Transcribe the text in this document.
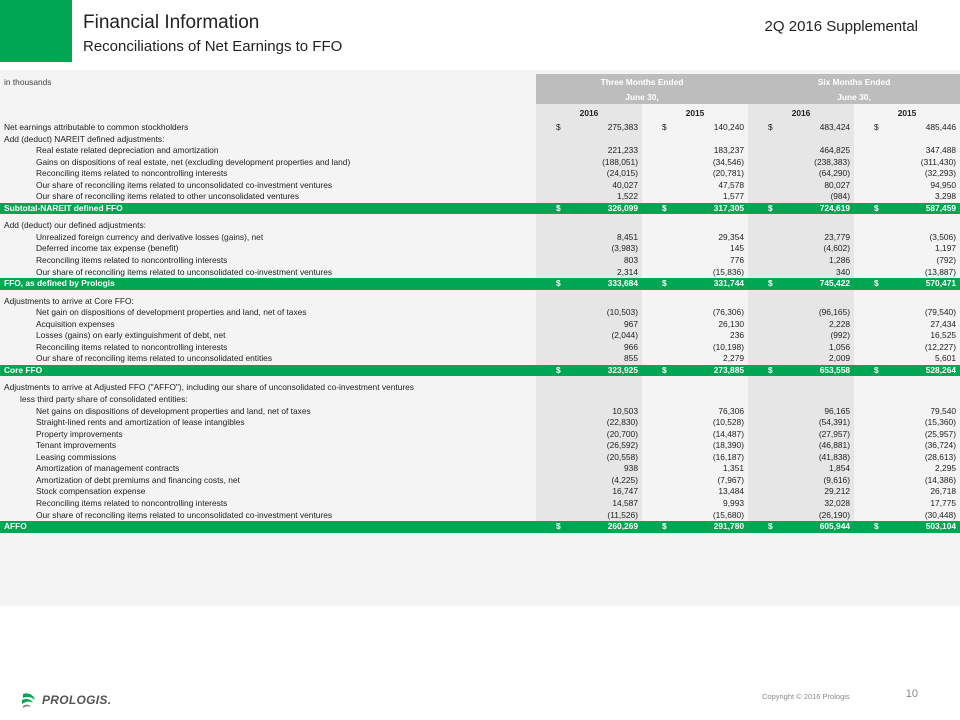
Financial Information
Reconciliations of Net Earnings to FFO
2Q 2016 Supplemental
in thousands	Three Months Ended		Six Months Ended	
	June 30,		June 30,	
	2016	2015	2016	2015
Net earnings attributable to common stockholders	$ 275,383	$ 140,240	$ 483,424	$ 485,446
Add (deduct) NAREIT defined adjustments:				
Real estate related depreciation and amortization	221,233	183,237	464,825	347,488
Gains on dispositions of real estate, net (excluding development properties and land)	(188,051)	(34,546)	(238,383)	(311,430)
Reconciling items related to noncontrolling interests	(24,015)	(20,781)	(64,290)	(32,293)
Our share of reconciling items related to unconsolidated co-investment ventures	40,027	47,578	80,027	94,950
Our share of reconciling items related to other unconsolidated ventures	1,522	1,577	(984)	3,298
Subtotal-NAREIT defined FFO	$ 326,099	$ 317,305	$ 724,619	$ 587,459

Add (deduct) our defined adjustments:				
Unrealized foreign currency and derivative losses (gains), net	8,451	29,354	23,779	(3,506)
Deferred income tax expense (benefit)	(3,983)	145	(4,602)	1,197
Reconciling items related to noncontrolling interests	803	776	1,286	(792)
Our share of reconciling items related to unconsolidated co-investment ventures	2,314	(15,836)	340	(13,887)
FFO, as defined by Prologis	$ 333,684	$ 331,744	$ 745,422	$ 570,471

Adjustments to arrive at Core FFO:				
Net gain on dispositions of development properties and land, net of taxes	(10,503)	(76,306)	(96,165)	(79,540)
Acquisition expenses	967	26,130	2,228	27,434
Losses (gains) on early extinguishment of debt, net	(2,044)	236	(992)	16,525
Reconciling items related to noncontrolling interests	966	(10,198)	1,056	(12,227)
Our share of reconciling items related to unconsolidated entities	855	2,279	2,009	5,601
Core FFO	$ 323,925	$ 273,885	$ 653,558	$ 528,264

Adjustments to arrive at Adjusted FFO ("AFFO"), including our share of unconsolidated co-investment ventures				
less third party share of consolidated entities:				
Net gains on dispositions of development properties and land, net of taxes	10,503	76,306	96,165	79,540
Straight-lined rents and amortization of lease intangibles	(22,830)	(10,528)	(54,391)	(15,360)
Property improvements	(20,700)	(14,487)	(27,957)	(25,957)
Tenant improvements	(26,592)	(18,390)	(46,881)	(36,724)
Leasing commissions	(20,558)	(16,187)	(41,838)	(28,613)
Amortization of management contracts	938	1,351	1,854	2,295
Amortization of debt premiums and financing costs, net	(4,225)	(7,967)	(9,616)	(14,386)
Stock compensation expense	16,747	13,484	29,212	26,718
Reconciling items related to noncontrolling interests	14,587	9,993	32,028	17,775
Our share of reconciling items related to unconsolidated co-investment ventures	(11,526)	(15,680)	(26,190)	(30,448)
AFFO	$ 260,269	$ 291,780	$ 605,944	$ 503,104
PROLOGIS.	Copyright © 2016 Prologis	10
